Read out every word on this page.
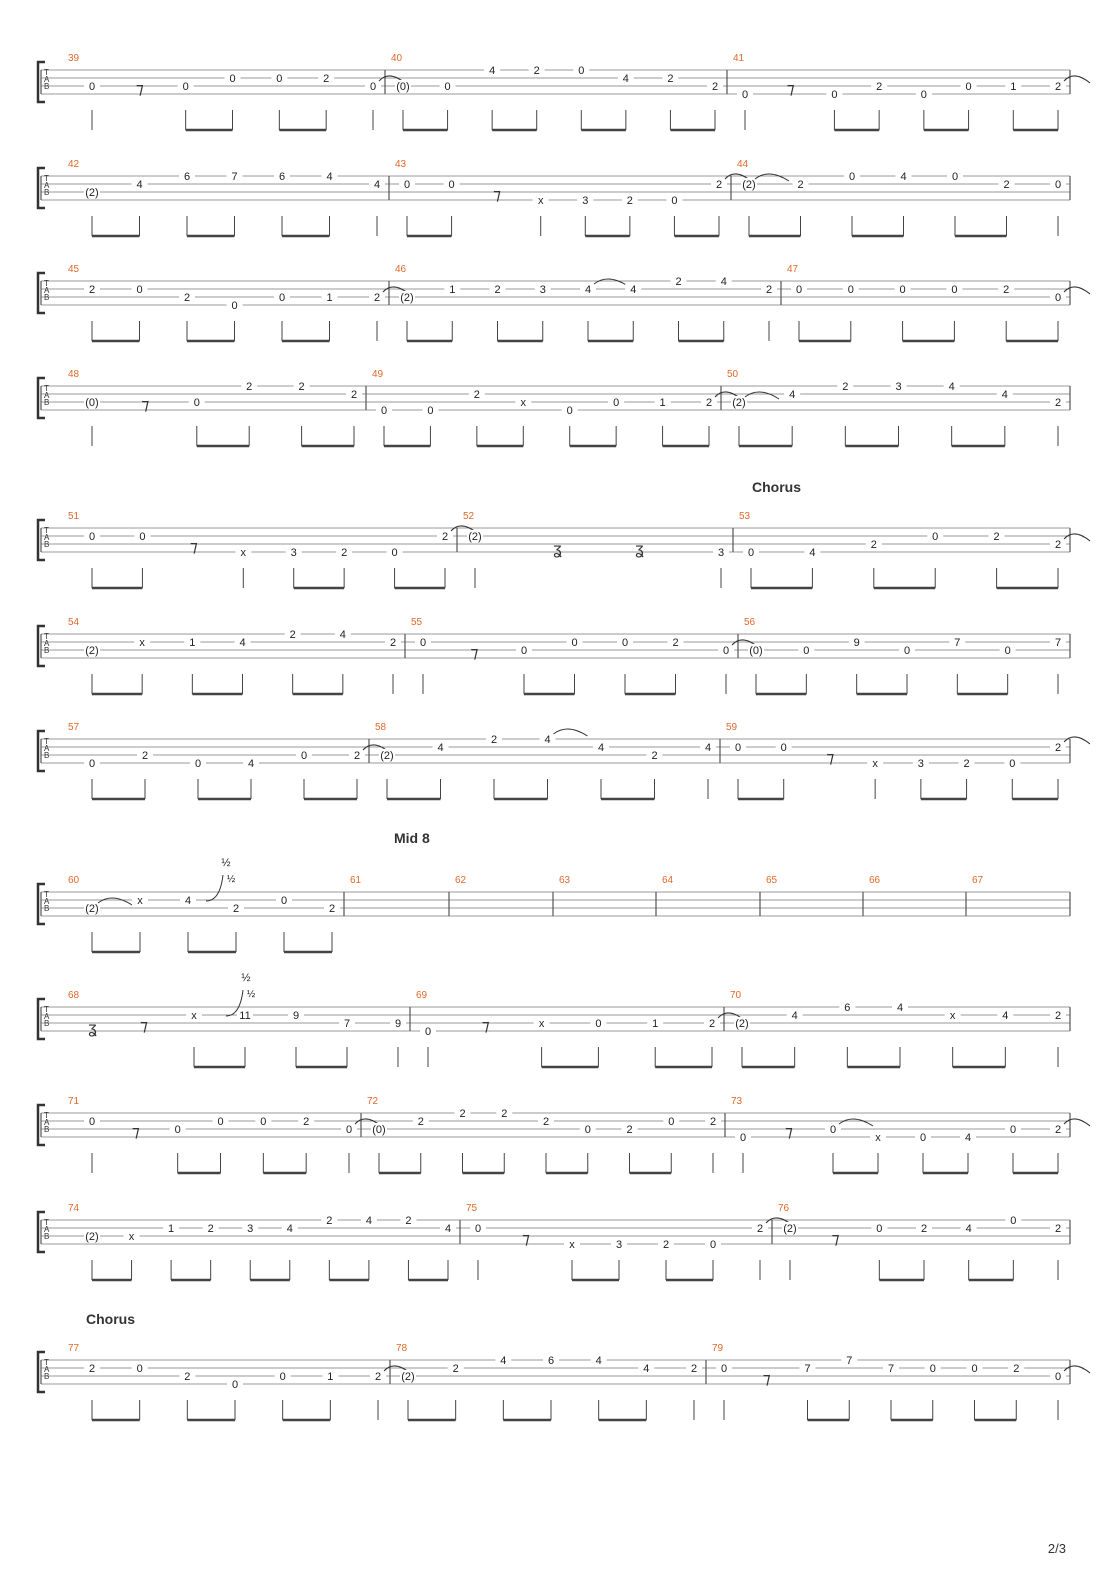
T
A
B
39
0	⁊	0
0	0	2
0
40
(0)	0
4	2	0
4	2
2
41
0 ⁊	0
2
0
0	1	2
T
A
B
42
(2)
4
6	7	6	4
4
43
0	0
⁊	x	3	2	0
2
44
(2)	2
0	4	0
2	0
T
A
B
45
2	0
2
0
0	1	2
46
(2)
1	2	3	4	4
2	4
2
47
0	0	0	0	2
0
T
A
B
48
(0)	⁊	0
2	2
2
49
0	0
2
x
0
0	1	2
50
(2)
4
2	3	4
4
2
T
A
B
51
0	0
⁊	x	3	2	0
2
52
(2)
ʓ	ʓ	3
53
0	4
2
0	2
2
T
A
B
54
(2)
x	1	4
2	4
2
55
0
⁊	0
0	0	2
0
56
(0)	0
9
0
7
0
7
T
A
B
57
0
2
0	4
0	2
58
(2)
4
2	4
4
2
4
59
0	0
⁊	x	3	2	0
2
T
A
B
60
(2)
x	4
2
0
2
61	62	63	64	65	66	67
½
½
T
A
B
68
ʓ	⁊
x	11	9
7	9
69
0	⁊	x	0	1	2
70
(2)
4
6	4
x	4	2
½
½
T
A
B
71
0
⁊	0
0	0	2
0
72
(0)
2
2	2
2
0	2
0	2
73
0 ⁊	0
x	0	4
0	2
T
A
B
74
(2)	x
1	2	3	4
2	4	2
4
75
0
⁊	x	3	2	0
2
76
(2)
⁊
0	2	4
0
2
T
A
B
77
2	0
2
0
0	1	2
78
(2)
2
4	6	4
4	2
79
0
⁊
7
7
7	0	0	2
0
Chorus
Mid 8
Chorus
2/3
